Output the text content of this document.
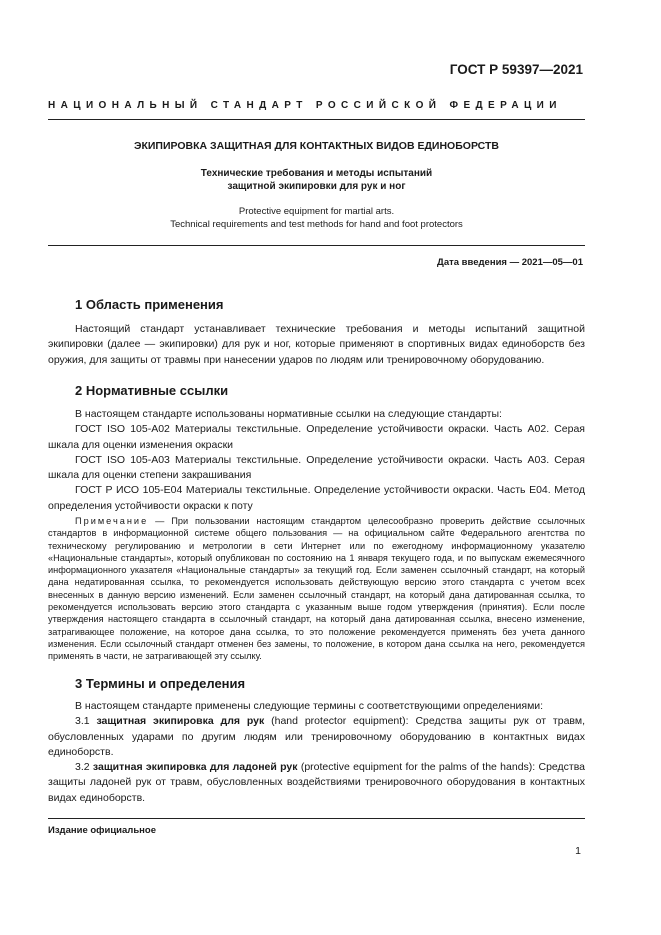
ГОСТ Р 59397—2021
НАЦИОНАЛЬНЫЙ СТАНДАРТ РОССИЙСКОЙ ФЕДЕРАЦИИ
ЭКИПИРОВКА ЗАЩИТНАЯ ДЛЯ КОНТАКТНЫХ ВИДОВ ЕДИНОБОРСТВ
Технические требования и методы испытаний
защитной экипировки для рук и ног
Protective equipment for martial arts.
Technical requirements and test methods for hand and foot protectors
Дата введения — 2021—05—01
1 Область применения

Настоящий стандарт устанавливает технические требования и методы испытаний защитной экипировки (далее — экипировки) для рук и ног, которые применяют в спортивных видах единоборств без оружия, для защиты от травмы при нанесении ударов по людям или тренировочному оборудованию.

2 Нормативные ссылки

В настоящем стандарте использованы нормативные ссылки на следующие стандарты:

ГОСТ ISO 105-A02 Материалы текстильные. Определение устойчивости окраски. Часть A02. Серая шкала для оценки изменения окраски

ГОСТ ISO 105-A03 Материалы текстильные. Определение устойчивости окраски. Часть A03. Серая шкала для оценки степени закрашивания

ГОСТ Р ИСО 105-E04 Материалы текстильные. Определение устойчивости окраски. Часть E04. Метод определения устойчивости окраски к поту

Примечание — При пользовании настоящим стандартом целесообразно проверить действие ссылочных стандартов в информационной системе общего пользования — на официальном сайте Федерального агентства по техническому регулированию и метрологии в сети Интернет или по ежегодному информационному указателю «Национальные стандарты», который опубликован по состоянию на 1 января текущего года, и по выпускам ежемесячного информационного указателя «Национальные стандарты» за текущий год. Если заменен ссылочный стандарт, на который дана недатированная ссылка, то рекомендуется использовать действующую версию этого стандарта с учетом всех внесенных в данную версию изменений. Если заменен ссылочный стандарт, на который дана датированная ссылка, то рекомендуется использовать версию этого стандарта с указанным выше годом утверждения (принятия). Если после утверждения настоящего стандарта в ссылочный стандарт, на который дана датированная ссылка, внесено изменение, затрагивающее положение, на которое дана ссылка, то это положение рекомендуется применять без учета данного изменения. Если ссылочный стандарт отменен без замены, то положение, в котором дана ссылка на него, рекомендуется применять в части, не затрагивающей эту ссылку.
3 Термины и определения

В настоящем стандарте применены следующие термины с соответствующими определениями:

3.1 защитная экипировка для рук (hand protector equipment): Средства защиты рук от травм, обусловленных ударами по другим людям или тренировочному оборудованию в контактных видах единоборств.

3.2 защитная экипировка для ладоней рук (protective equipment for the palms of the hands): Средства защиты ладоней рук от травм, обусловленных воздействиями тренировочного оборудования в контактных видах единоборств.

Издание официальное
1
